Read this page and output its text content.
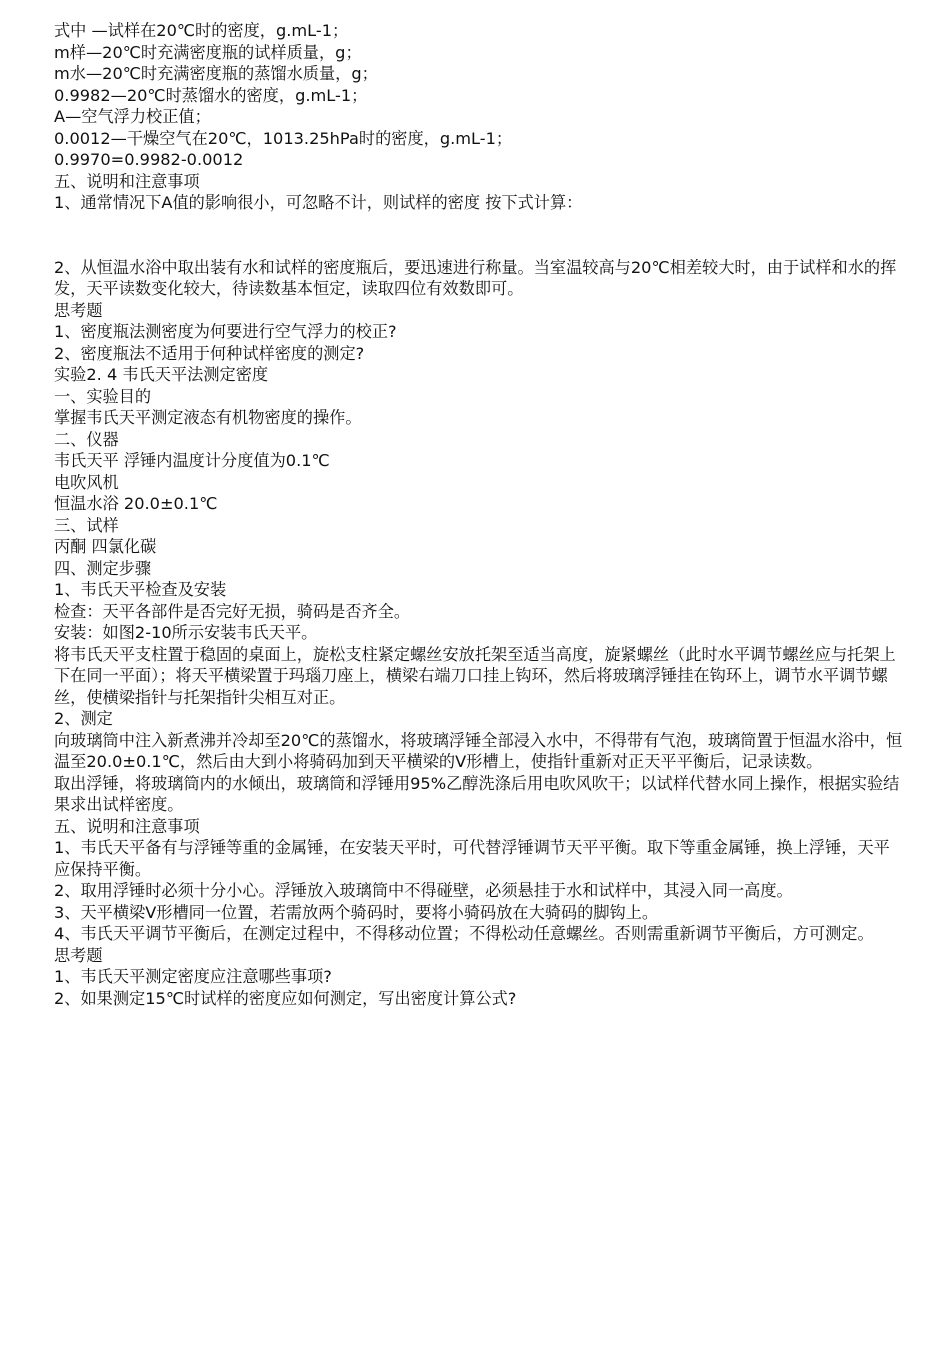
式中 —试样在20℃时的密度，g.mL-1；

m样—20℃时充满密度瓶的试样质量，g；

m水—20℃时充满密度瓶的蒸馏水质量，g；

0.9982—20℃时蒸馏水的密度，g.mL-1；

A—空气浮力校正值；

0.0012—干燥空气在20℃，1013.25hPa时的密度，g.mL-1；

0.9970=0.9982-0.0012

五、说明和注意事项

1、通常情况下A值的影响很小，可忽略不计，则试样的密度 按下式计算：

2、从恒温水浴中取出装有水和试样的密度瓶后，要迅速进行称量。当室温较高与20℃相差较大时，由于试样和水的挥发，天平读数变化较大，待读数基本恒定，读取四位有效数即可。

思考题

1、密度瓶法测密度为何要进行空气浮力的校正?

2、密度瓶法不适用于何种试样密度的测定?

实验2. 4 韦氏天平法测定密度

一、实验目的

掌握韦氏天平测定液态有机物密度的操作。

二、仪器

韦氏天平 浮锤内温度计分度值为0.1℃

电吹风机

恒温水浴 20.0±0.1℃

三、试样

丙酮 四氯化碳

四、测定步骤

1、韦氏天平检查及安装

检查：天平各部件是否完好无损，骑码是否齐全。

安装：如图2-10所示安装韦氏天平。

将韦氏天平支柱置于稳固的桌面上，旋松支柱紧定螺丝安放托架至适当高度，旋紧螺丝（此时水平调节螺丝应与托架上下在同一平面）；将天平横梁置于玛瑙刀座上，横梁右端刀口挂上钩环，然后将玻璃浮锤挂在钩环上，调节水平调节螺丝，使横梁指针与托架指针尖相互对正。

2、测定

向玻璃筒中注入新煮沸并冷却至20℃的蒸馏水，将玻璃浮锤全部浸入水中，不得带有气泡，玻璃筒置于恒温水浴中，恒温至20.0±0.1℃，然后由大到小将骑码加到天平横梁的V形槽上，使指针重新对正天平平衡后，记录读数。

取出浮锤，将玻璃筒内的水倾出，玻璃筒和浮锤用95%乙醇洗涤后用电吹风吹干；以试样代替水同上操作，根据实验结果求出试样密度。

五、说明和注意事项

1、韦氏天平备有与浮锤等重的金属锤，在安装天平时，可代替浮锤调节天平平衡。取下等重金属锤，换上浮锤，天平应保持平衡。

2、取用浮锤时必须十分小心。浮锤放入玻璃筒中不得碰壁，必须悬挂于水和试样中，其浸入同一高度。

3、天平横梁V形槽同一位置，若需放两个骑码时，要将小骑码放在大骑码的脚钩上。

4、韦氏天平调节平衡后，在测定过程中，不得移动位置；不得松动任意螺丝。否则需重新调节平衡后，方可测定。

思考题

1、韦氏天平测定密度应注意哪些事项?

2、如果测定15℃时试样的密度应如何测定，写出密度计算公式?
